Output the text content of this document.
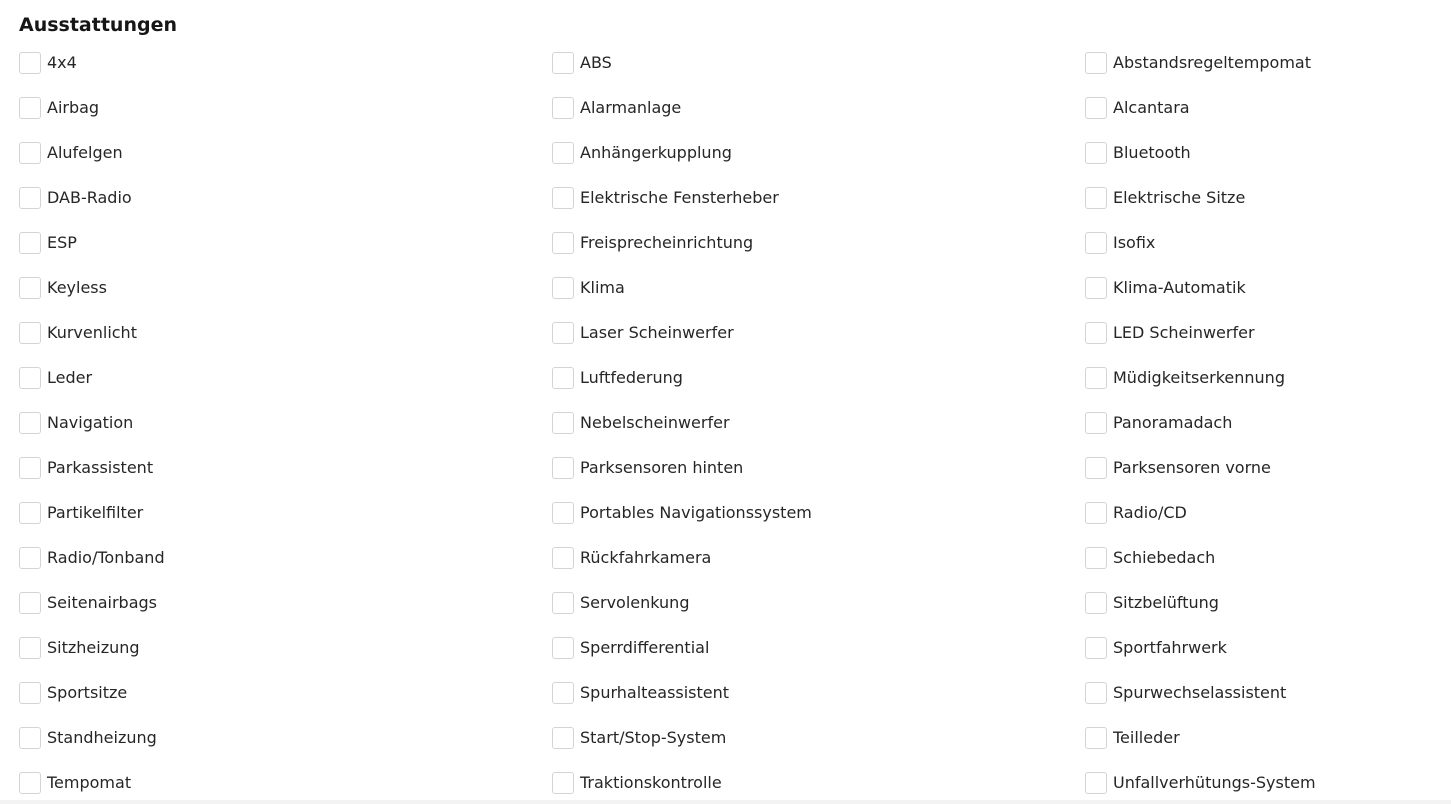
Ausstattungen
4x4	ABS	Abstandsregeltempomat
Airbag	Alarmanlage	Alcantara
Alufelgen	Anhängerkupplung	Bluetooth
DAB-Radio	Elektrische Fensterheber	Elektrische Sitze
ESP	Freisprecheinrichtung	Isofix
Keyless	Klima	Klima-Automatik
Kurvenlicht	Laser Scheinwerfer	LED Scheinwerfer
Leder	Luftfederung	Müdigkeitserkennung
Navigation	Nebelscheinwerfer	Panoramadach
Parkassistent	Parksensoren hinten	Parksensoren vorne
Partikelfilter	Portables Navigationssystem	Radio/CD
Radio/Tonband	Rückfahrkamera	Schiebedach
Seitenairbags	Servolenkung	Sitzbelüftung
Sitzheizung	Sperrdifferential	Sportfahrwerk
Sportsitze	Spurhalteassistent	Spurwechselassistent
Standheizung	Start/Stop-System	Teilleder
Tempomat	Traktionskontrolle	Unfallverhütungs-System
